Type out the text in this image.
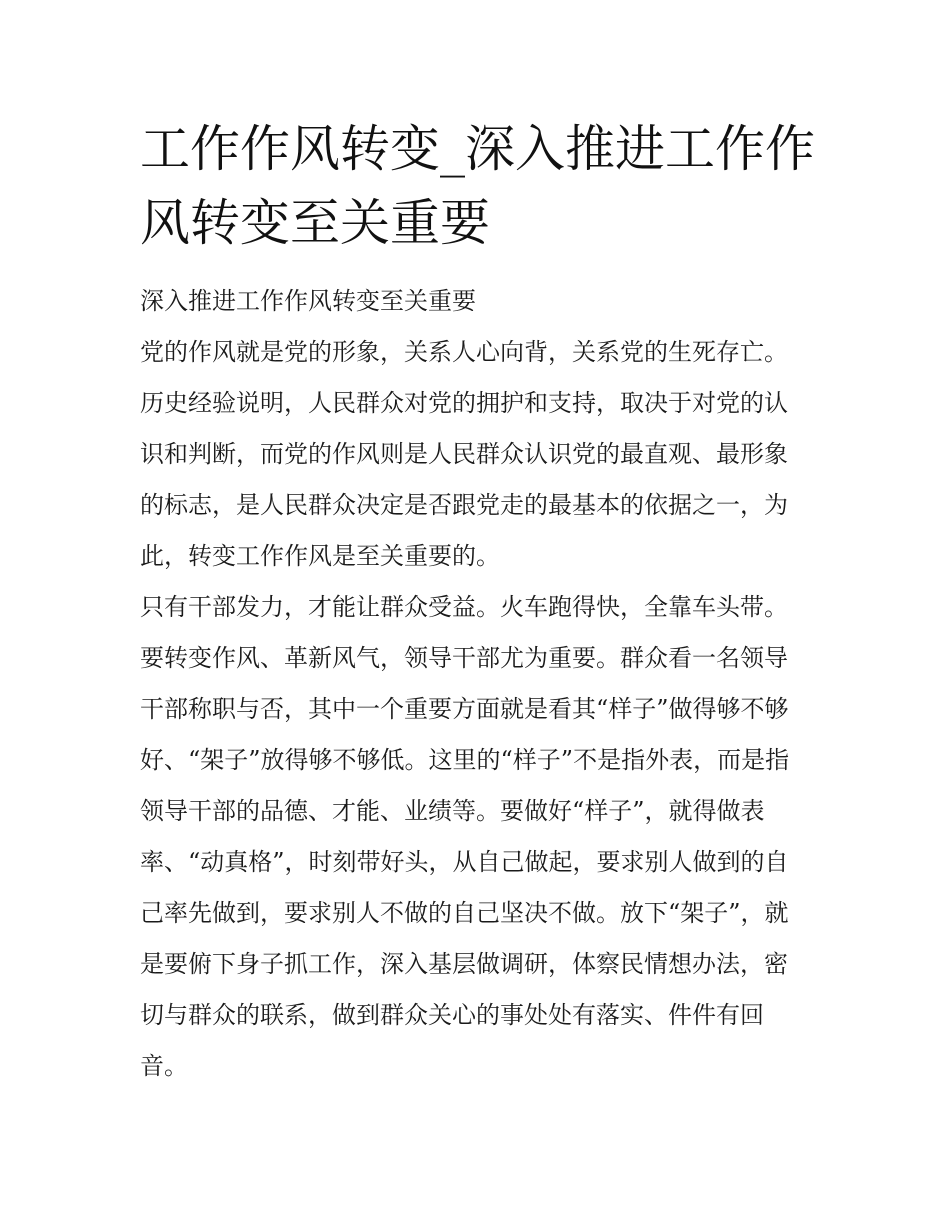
工作作风转变_深入推进工作作
风转变至关重要

深入推进工作作风转变至关重要

党的作风就是党的形象，关系人心向背，关系党的生死存亡。
历史经验说明，人民群众对党的拥护和支持，取决于对党的认
识和判断，而党的作风则是人民群众认识党的最直观、最形象
的标志，是人民群众决定是否跟党走的最基本的依据之一，为
此，转变工作作风是至关重要的。

只有干部发力，才能让群众受益。火车跑得快，全靠车头带。
要转变作风、革新风气，领导干部尤为重要。群众看一名领导
干部称职与否，其中一个重要方面就是看其“样子”做得够不够
好、“架子”放得够不够低。这里的“样子”不是指外表，而是指
领导干部的品德、才能、业绩等。要做好“样子”，就得做表
率、“动真格”，时刻带好头，从自己做起，要求别人做到的自
己率先做到，要求别人不做的自己坚决不做。放下“架子”，就
是要俯下身子抓工作，深入基层做调研，体察民情想办法，密
切与群众的联系，做到群众关心的事处处有落实、件件有回
音。
